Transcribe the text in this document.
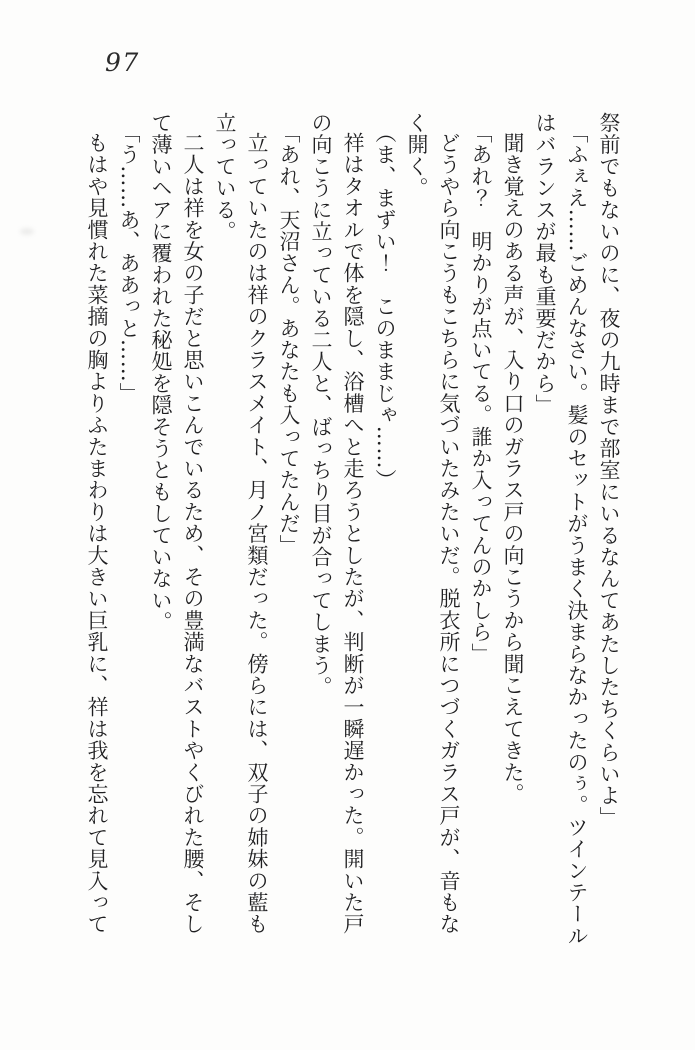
97
祭前でもないのに、夜の九時まで部室にいるなんてあたしたちくらいよ」
「ふぇえ……ごめんなさい。髪のセットがうまく決まらなかったのぅ。ツインテール
はバランスが最も重要だから」
聞き覚えのある声が、入り口のガラス戸の向こうから聞こえてきた。
「あれ？　明かりが点いてる。誰か入ってんのかしら」
どうやら向こうもこちらに気づいたみたいだ。脱衣所につづくガラス戸が、音もな
く開く。
（ま、まずい！　このままじゃ……）
祥はタオルで体を隠し、浴槽へと走ろうとしたが、判断が一瞬遅かった。開いた戸
の向こうに立っている二人と、ばっちり目が合ってしまう。
「あれ、天沼さん。あなたも入ってたんだ」
立っていたのは祥のクラスメイト、月ノ宮類だった。傍らには、双子の姉妹の藍も
立っている。
二人は祥を女の子だと思いこんでいるため、その豊満なバストやくびれた腰、そし
て薄いヘアに覆われた秘処を隠そうともしていない。
「う……あ、ああっと……」
もはや見慣れた菜摘の胸よりふたまわりは大きい巨乳に、祥は我を忘れて見入って
